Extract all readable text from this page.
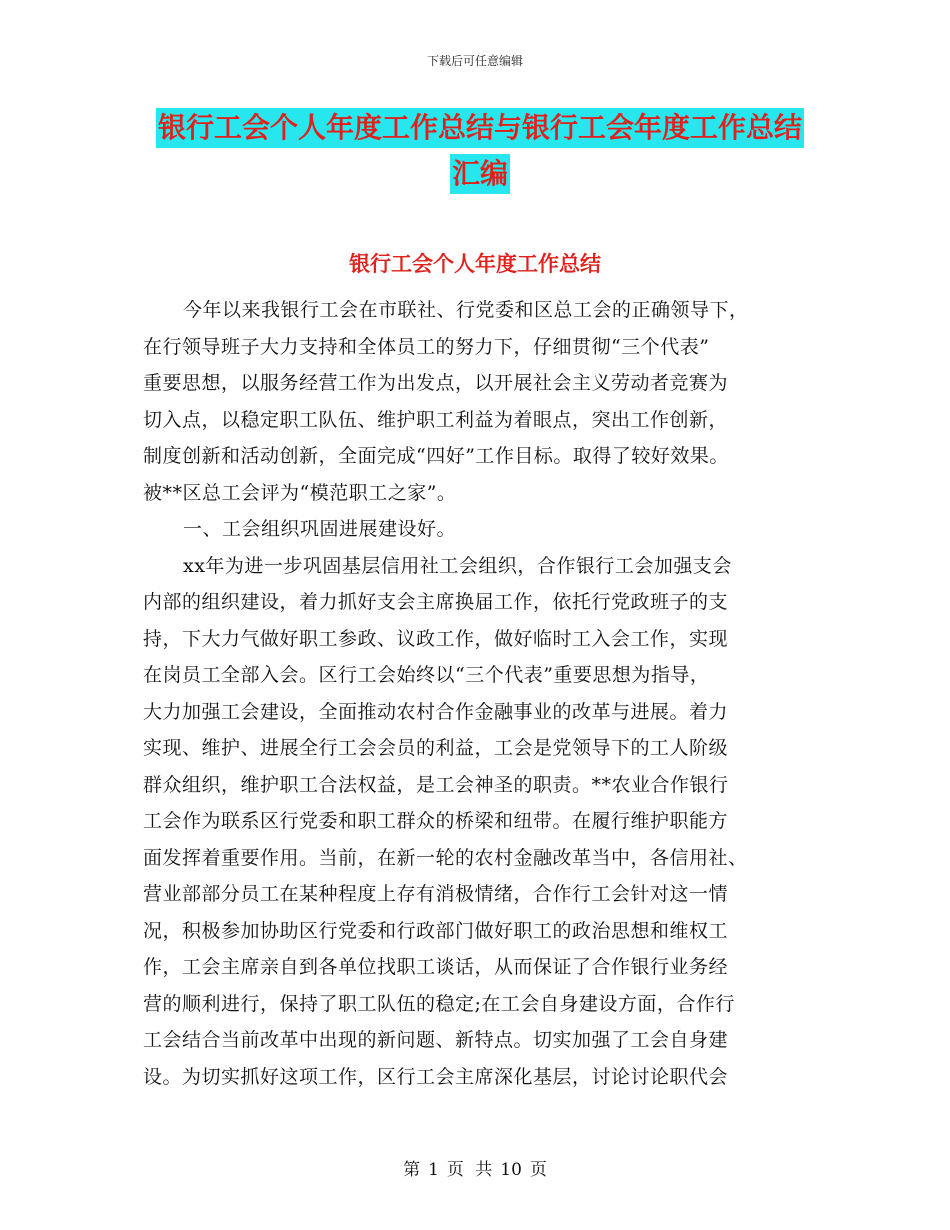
下载后可任意编辑
银行工会个人年度工作总结与银行工会年度工作总结
汇编
银行工会个人年度工作总结
今年以来我银行工会在市联社、行党委和区总工会的正确领导下，
在行领导班子大力支持和全体员工的努力下，仔细贯彻“三个代表”
重要思想，以服务经营工作为出发点，以开展社会主义劳动者竞赛为
切入点，以稳定职工队伍、维护职工利益为着眼点，突出工作创新，
制度创新和活动创新，全面完成“四好”工作目标。取得了较好效果。
被**区总工会评为“模范职工之家”。
一、工会组织巩固进展建设好。
xx年为进一步巩固基层信用社工会组织，合作银行工会加强支会
内部的组织建设，着力抓好支会主席换届工作，依托行党政班子的支
持，下大力气做好职工参政、议政工作，做好临时工入会工作，实现
在岗员工全部入会。区行工会始终以“三个代表”重要思想为指导，
大力加强工会建设，全面推动农村合作金融事业的改革与进展。着力
实现、维护、进展全行工会会员的利益，工会是党领导下的工人阶级
群众组织，维护职工合法权益，是工会神圣的职责。**农业合作银行
工会作为联系区行党委和职工群众的桥梁和纽带。在履行维护职能方
面发挥着重要作用。当前，在新一轮的农村金融改革当中，各信用社、
营业部部分员工在某种程度上存有消极情绪，合作行工会针对这一情
况，积极参加协助区行党委和行政部门做好职工的政治思想和维权工
作，工会主席亲自到各单位找职工谈话，从而保证了合作银行业务经
营的顺利进行，保持了职工队伍的稳定;在工会自身建设方面，合作行
工会结合当前改革中出现的新问题、新特点。切实加强了工会自身建
设。为切实抓好这项工作，区行工会主席深化基层，讨论讨论职代会
第 1 页 共 10 页
